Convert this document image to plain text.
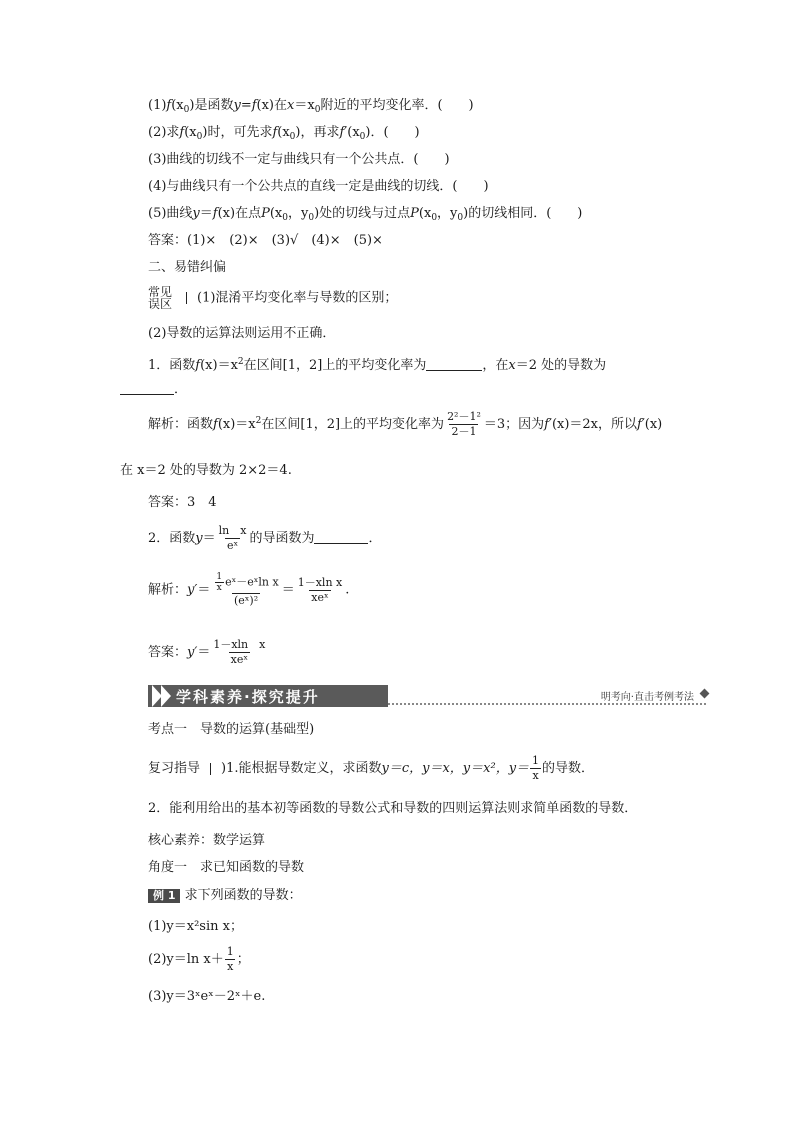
$(1)f(x_0)$是函数y=f(x)在$x=x_0$附近的平均变化率．(　　)
(2)求$f(x_0)$时，可先求$f(x_0)$，再求$f'(x_0)$．(　　)
(3)曲线的切线不一定与曲线只有一个公共点．(　　)
(4)与曲线只有一个公共点的直线一定是曲线的切线．(　　)
(5)曲线y＝f(x)在点$P(x_0$，$y_0$)处的切线与过点$P(x_0$，$y_0$)的切线相同．(　　)
答案：(1)×　(2)×　(3)√　(4)×　(5)×
二、易错纠偏
常见
误区 (1)混淆平均变化率与导数的区别；
(2)导数的运算法则运用不正确．
1．函数$f(x)=x^2$在区间[1，2]上的平均变化率为	，在x＝2 处的导数为
．
解析：函数$f(x)=x^2$在区间[1，2]上的平均变化率为 $\frac{\text{2²－1²}}{2-1} =3$；因为f′(x)＝2x，所以f′(x)
在 x＝2 处的导数为 2×2＝4.
答案：3　4
2．函数$y= \frac{\text{ln　x}}{\text{eˣ}}$ 的导函数为	．
解析：$y'= \frac{\frac{1}{x} eˣ-eˣ\ln x}{\text{(eˣ)²}} = \frac{\text{1－xln x}}{\text{xeˣ}}$ .
答案：$y'= \frac{\text{1－xln　x}}{\text{xeˣ}}$
学科素养·探究提升	明考向·直击考例考法
考点一　导数的运算(基础型)
复习指导 )1.能根据导数定义，求函数y＝c，y＝x，y＝x²，$y= \frac{1}{x}$ 的导数．
2．能利用给出的基本初等函数的导数公式和导数的四则运算法则求简单函数的导数．
核心素养：数学运算
角度一　求已知函数的导数
例 1 求下列函数的导数：
(1)y＝x²sin x；
(2)y＝ln $x+ \frac{1}{x}$ ；
(3)y＝3ˣeˣ－2ˣ＋e.
